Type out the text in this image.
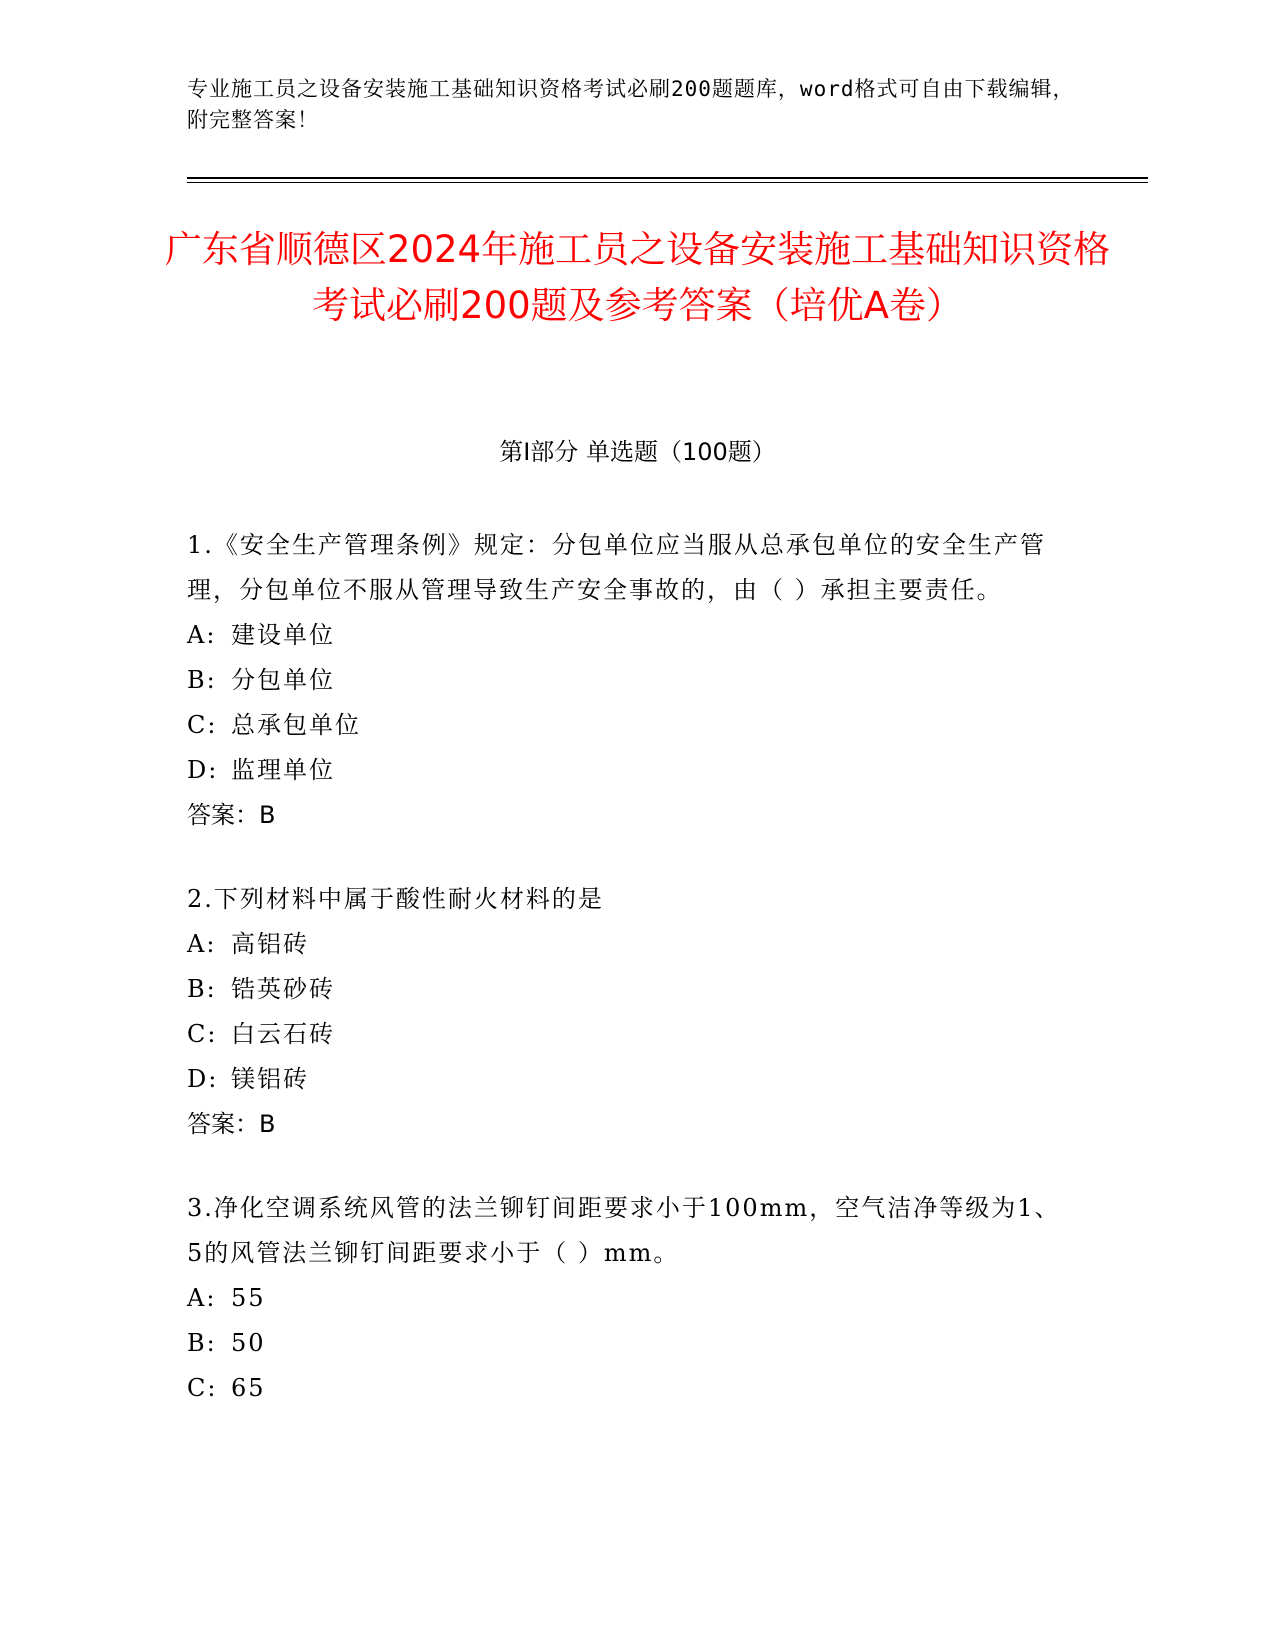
专业施工员之设备安装施工基础知识资格考试必刷200题题库，word格式可自由下载编辑，附完整答案！
广东省顺德区2024年施工员之设备安装施工基础知识资格考试必刷200题及参考答案（培优A卷）
第Ⅰ部分 单选题（100题）
1.《安全生产管理条例》规定：分包单位应当服从总承包单位的安全生产管理，分包单位不服从管理导致生产安全事故的，由（ ）承担主要责任。
A: 建设单位
B: 分包单位
C: 总承包单位
D: 监理单位
答案：B
2.下列材料中属于酸性耐火材料的是
A: 高铝砖
B: 锆英砂砖
C: 白云石砖
D: 镁铝砖
答案：B
3.净化空调系统风管的法兰铆钉间距要求小于100mm，空气洁净等级为1、5的风管法兰铆钉间距要求小于（ ）mm。
A: 55
B: 50
C: 65
